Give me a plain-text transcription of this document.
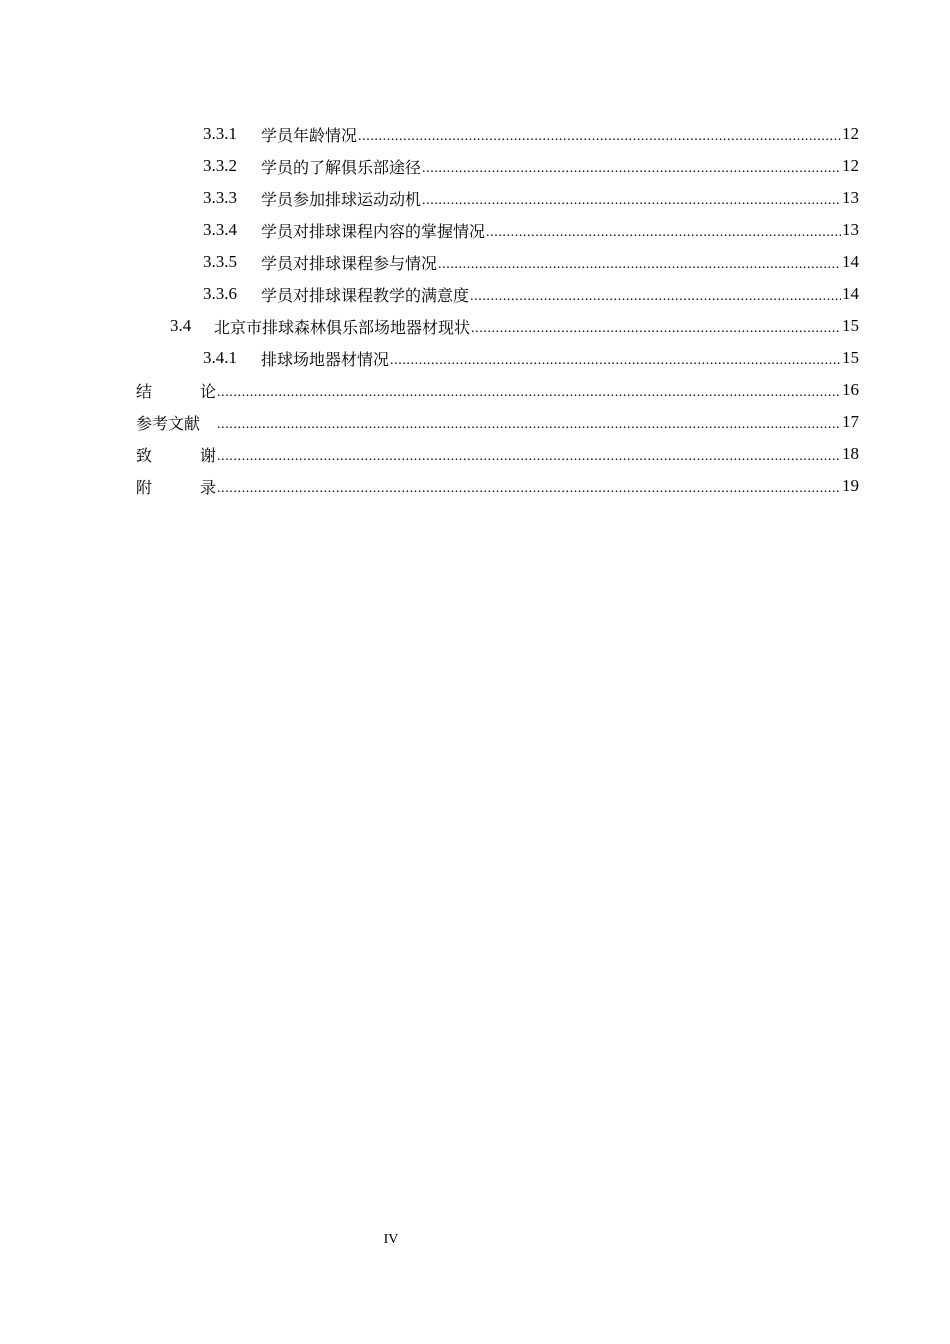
3.3.1	学员年龄情况 .....	12
3.3.2	学员的了解俱乐部途径 .....	12
3.3.3	学员参加排球运动动机 .....	13
3.3.4	学员对排球课程内容的掌握情况 .....	13
3.3.5	学员对排球课程参与情况 .....	14
3.3.6	学员对排球课程教学的满意度 .....	14
3.4	北京市排球森林俱乐部场地器材现状 .....	15
3.4.1	排球场地器材情况 .....	15
结	论 .....	16
参考文献 .....	17
致	谢 .....	18
附	录 .....	19
IV
